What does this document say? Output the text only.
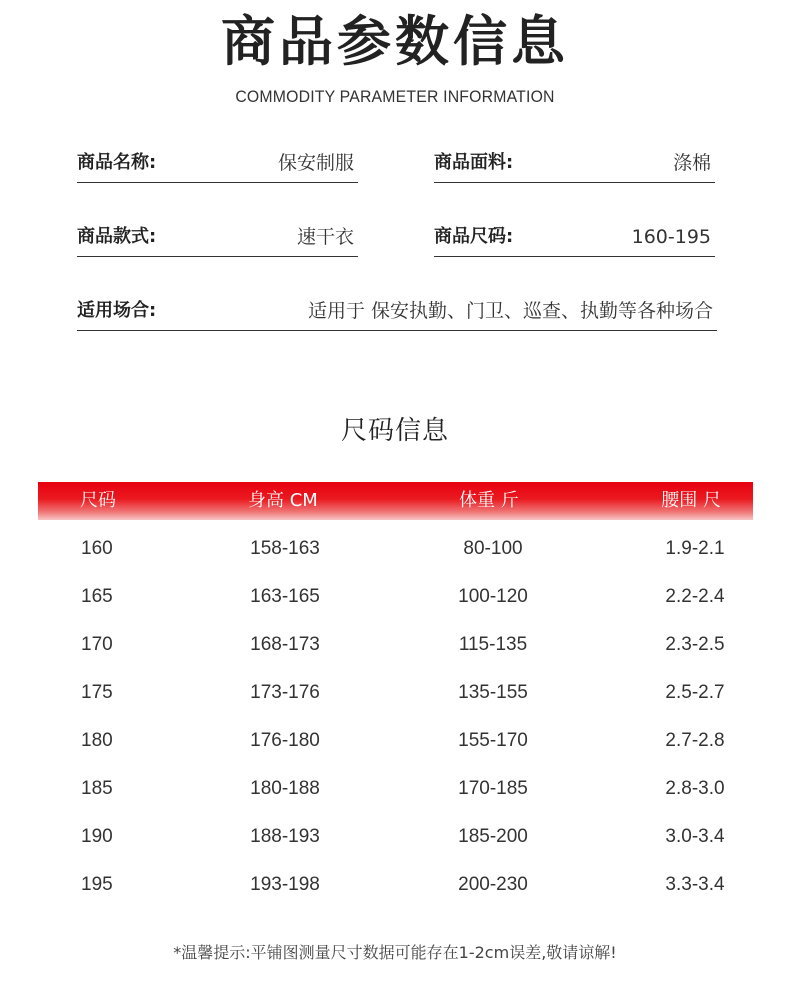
商品参数信息
COMMODITY PARAMETER INFORMATION
商品名称:	保安制服	商品面料:	涤棉
商品款式:	速干衣	商品尺码:	160-195
适用场合:	适用于 保安执勤、门卫、巡查、执勤等各种场合
尺码信息
尺码	身高 CM	体重 斤	腰围 尺
160	158-163	80-100	1.9-2.1
165	163-165	100-120	2.2-2.4
170	168-173	115-135	2.3-2.5
175	173-176	135-155	2.5-2.7
180	176-180	155-170	2.7-2.8
185	180-188	170-185	2.8-3.0
190	188-193	185-200	3.0-3.4
195	193-198	200-230	3.3-3.4
*温馨提示:平铺图测量尺寸数据可能存在1-2cm误差,敬请谅解!
